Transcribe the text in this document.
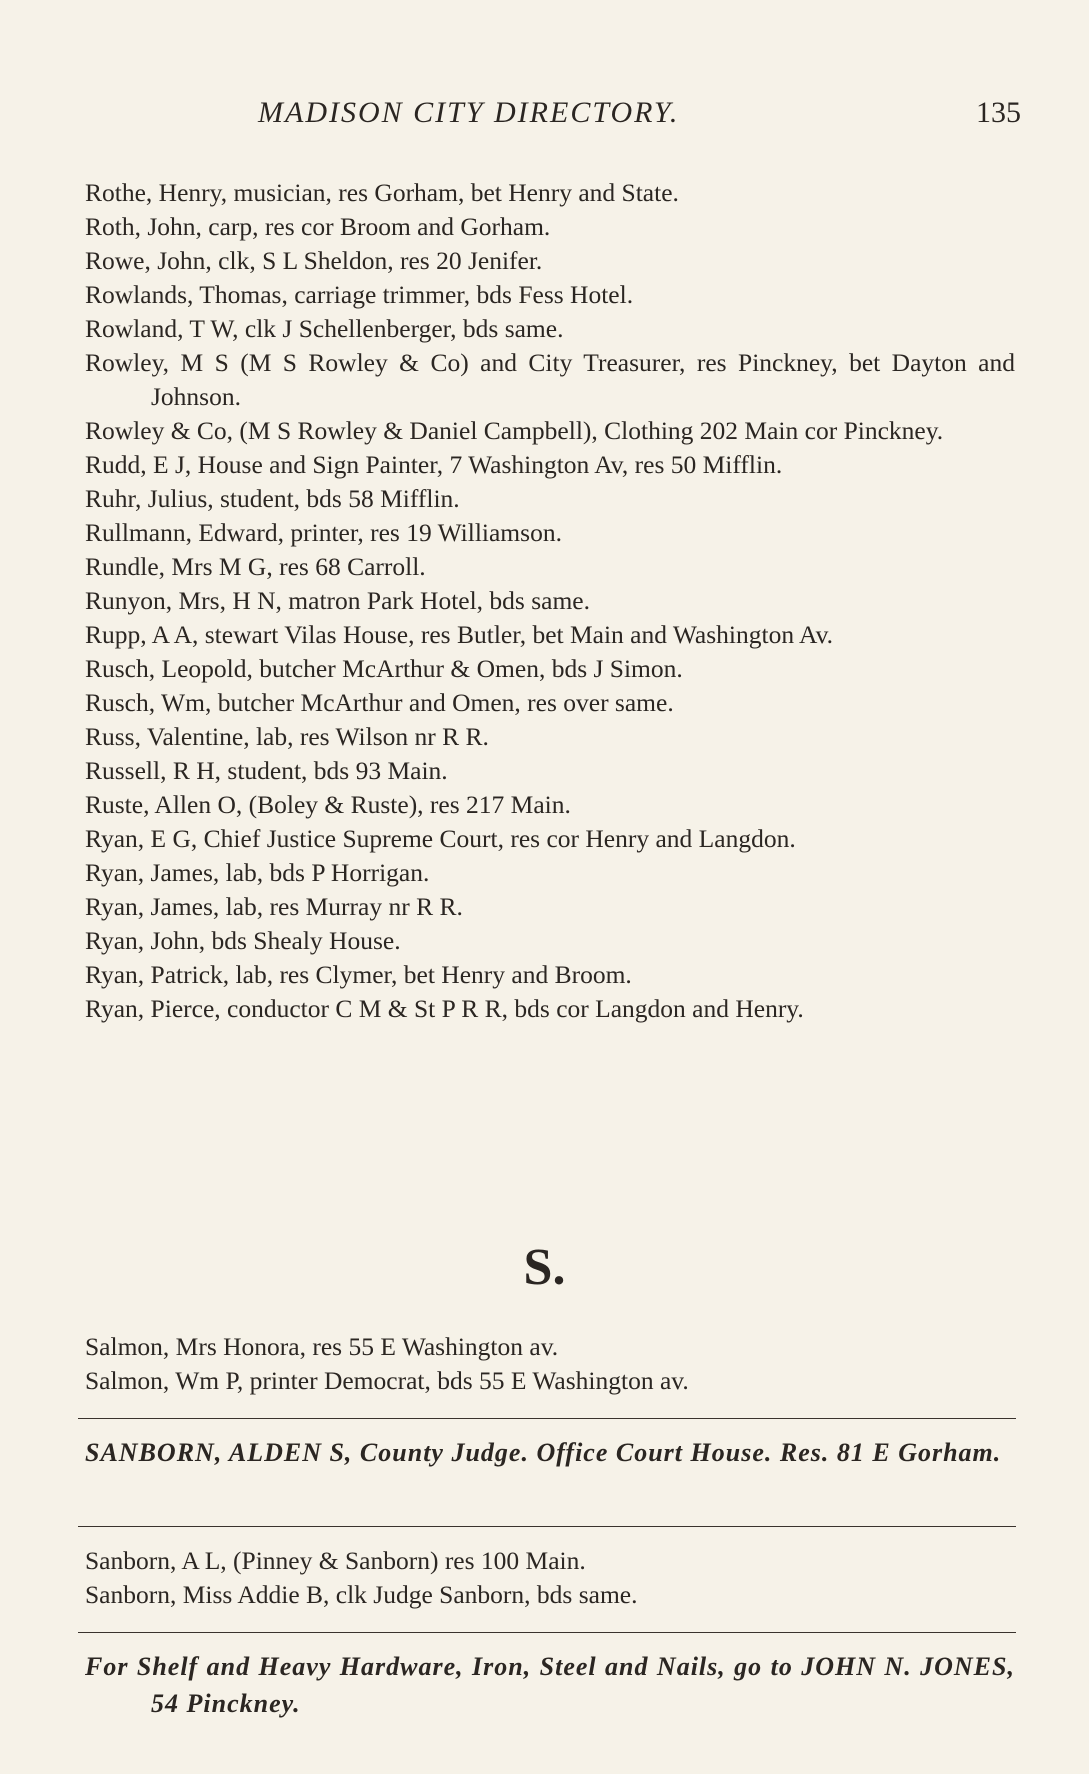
MADISON CITY DIRECTORY.	135

Rothe, Henry, musician, res Gorham, bet Henry and State.

Roth, John, carp, res cor Broom and Gorham.

Rowe, John, clk, S L Sheldon, res 20 Jenifer.

Rowlands, Thomas, carriage trimmer, bds Fess Hotel.

Rowland, T W, clk J Schellenberger, bds same.

Rowley, M S (M S Rowley & Co) and City Treasurer, res Pinckney, bet Dayton and Johnson.

Rowley & Co, (M S Rowley & Daniel Campbell), Clothing 202 Main cor Pinckney.

Rudd, E J, House and Sign Painter, 7 Washington Av, res 50 Mifflin.

Ruhr, Julius, student, bds 58 Mifflin.

Rullmann, Edward, printer, res 19 Williamson.

Rundle, Mrs M G, res 68 Carroll.

Runyon, Mrs, H N, matron Park Hotel, bds same.

Rupp, A A, stewart Vilas House, res Butler, bet Main and Washington Av.

Rusch, Leopold, butcher McArthur & Omen, bds J Simon.

Rusch, Wm, butcher McArthur and Omen, res over same.

Russ, Valentine, lab, res Wilson nr R R.

Russell, R H, student, bds 93 Main.

Ruste, Allen O, (Boley & Ruste), res 217 Main.

Ryan, E G, Chief Justice Supreme Court, res cor Henry and Langdon.

Ryan, James, lab, bds P Horrigan.

Ryan, James, lab, res Murray nr R R.

Ryan, John, bds Shealy House.

Ryan, Patrick, lab, res Clymer, bet Henry and Broom.

Ryan, Pierce, conductor C M & St P R R, bds cor Langdon and Henry.

S.

Salmon, Mrs Honora, res 55 E Washington av.

Salmon, Wm P, printer Democrat, bds 55 E Washington av.

SANBORN, ALDEN S, County Judge. Office Court House. Res. 81 E Gorham.

Sanborn, A L, (Pinney & Sanborn) res 100 Main.

Sanborn, Miss Addie B, clk Judge Sanborn, bds same.

For Shelf and Heavy Hardware, Iron, Steel and Nails, go to JOHN N. JONES, 54 Pinckney.
